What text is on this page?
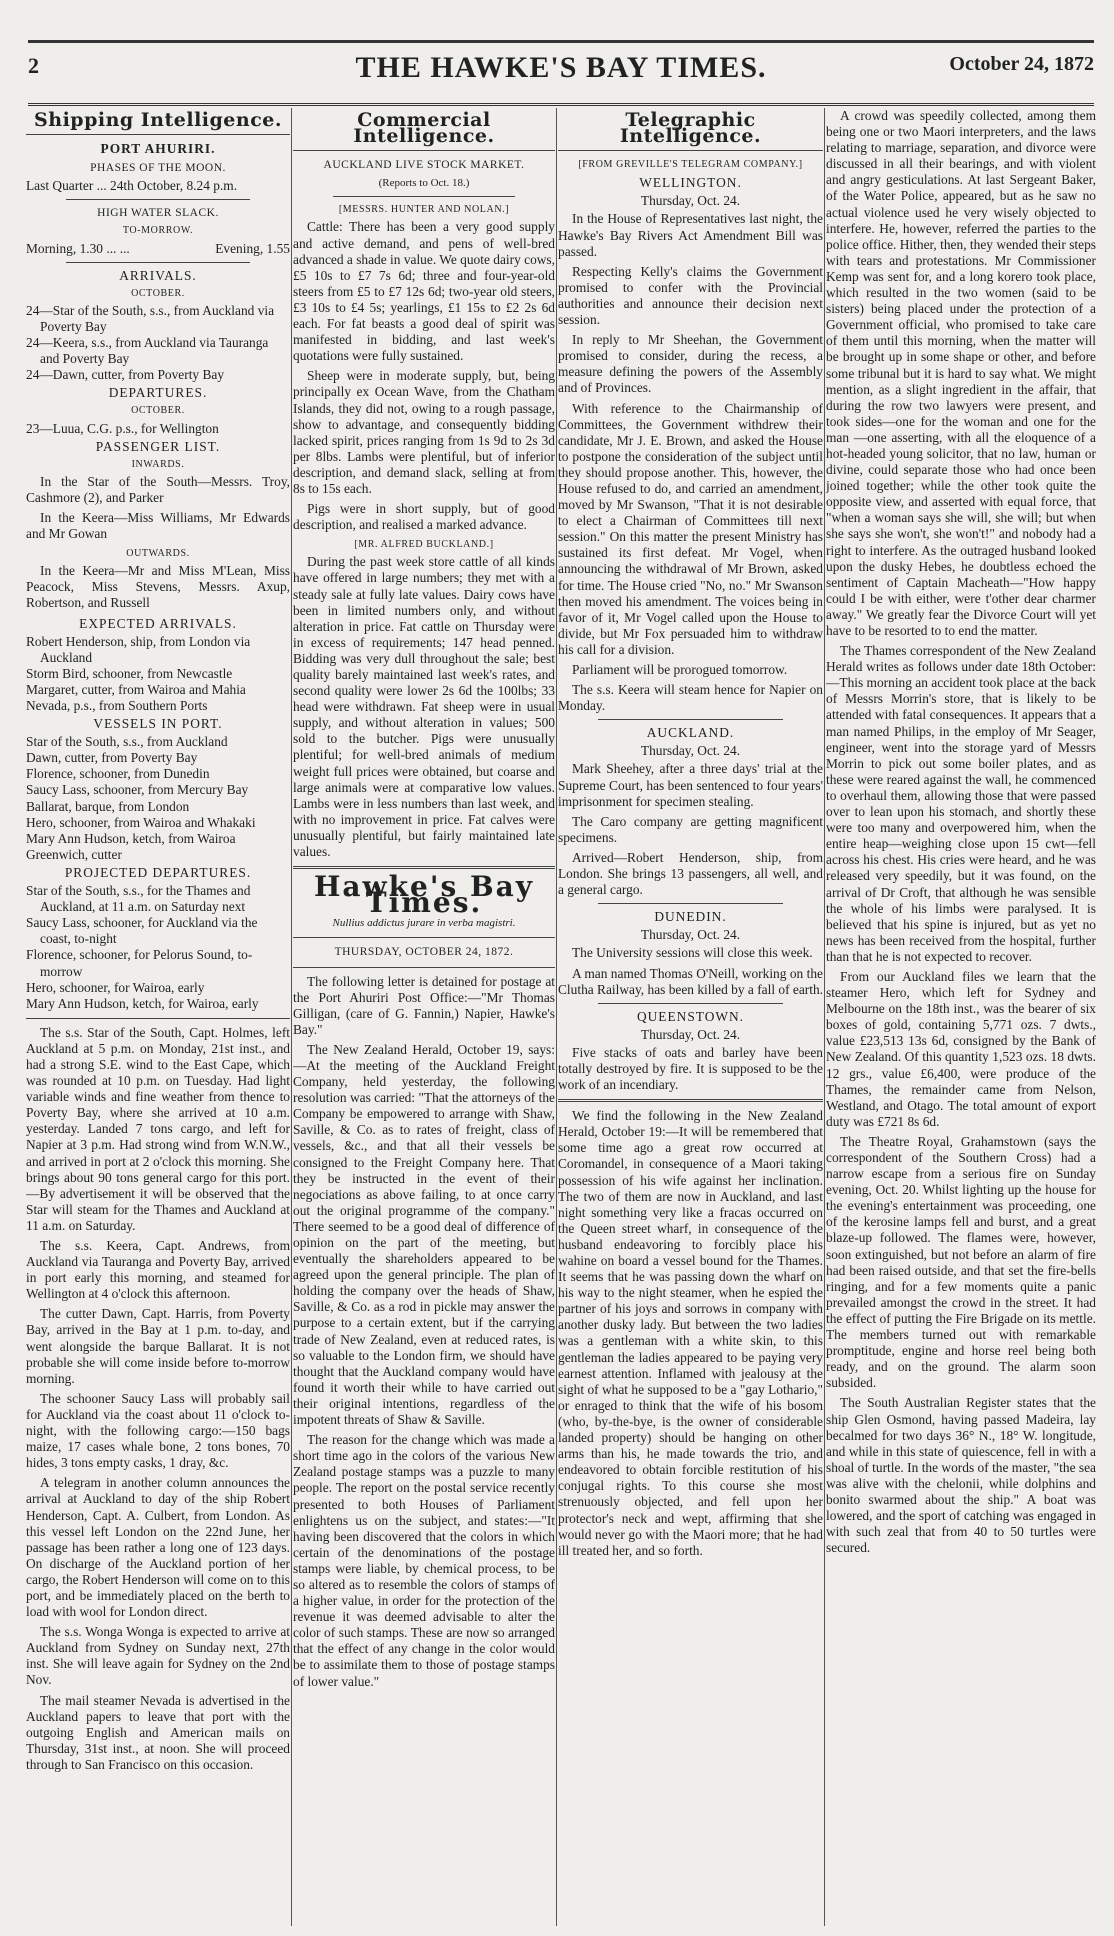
2	THE HAWKE'S BAY TIMES.	October 24, 1872
Shipping Intelligence.
PORT AHURIRI.
PHASES OF THE MOON.

Last Quarter ... 24th October, 8.24 p.m.

HIGH WATER SLACK.
TO-MORROW.
Morning, 1.30 ... ...	Evening, 1.55
ARRIVALS.
OCTOBER.

24—Star of the South, s.s., from Auckland via Poverty Bay

24—Keera, s.s., from Auckland via Tauranga and Poverty Bay

24—Dawn, cutter, from Poverty Bay

DEPARTURES.
OCTOBER.

23—Luua, C.G. p.s., for Wellington

PASSENGER LIST.
INWARDS.

In the Star of the South—Messrs. Troy, Cashmore (2), and Parker

In the Keera—Miss Williams, Mr Edwards and Mr Gowan

OUTWARDS.

In the Keera—Mr and Miss M'Lean, Miss Peacock, Miss Stevens, Messrs. Axup, Robertson, and Russell

EXPECTED ARRIVALS.

Robert Henderson, ship, from London via Auckland

Storm Bird, schooner, from Newcastle

Margaret, cutter, from Wairoa and Mahia

Nevada, p.s., from Southern Ports

VESSELS IN PORT.

Star of the South, s.s., from Auckland

Dawn, cutter, from Poverty Bay

Florence, schooner, from Dunedin

Saucy Lass, schooner, from Mercury Bay

Ballarat, barque, from London

Hero, schooner, from Wairoa and Whakaki

Mary Ann Hudson, ketch, from Wairoa

Greenwich, cutter

PROJECTED DEPARTURES.

Star of the South, s.s., for the Thames and Auckland, at 11 a.m. on Saturday next

Saucy Lass, schooner, for Auckland via the coast, to-night

Florence, schooner, for Pelorus Sound, to-morrow

Hero, schooner, for Wairoa, early

Mary Ann Hudson, ketch, for Wairoa, early

The s.s. Star of the South, Capt. Holmes, left Auckland at 5 p.m. on Monday, 21st inst., and had a strong S.E. wind to the East Cape, which was rounded at 10 p.m. on Tuesday. Had light variable winds and fine weather from thence to Poverty Bay, where she arrived at 10 a.m. yesterday. Landed 7 tons cargo, and left for Napier at 3 p.m. Had strong wind from W.N.W., and arrived in port at 2 o'clock this morning. She brings about 90 tons general cargo for this port.—By advertisement it will be observed that the Star will steam for the Thames and Auckland at 11 a.m. on Saturday.

The s.s. Keera, Capt. Andrews, from Auckland via Tauranga and Poverty Bay, arrived in port early this morning, and steamed for Wellington at 4 o'clock this afternoon.

The cutter Dawn, Capt. Harris, from Poverty Bay, arrived in the Bay at 1 p.m. to-day, and went alongside the barque Ballarat. It is not probable she will come inside before to-morrow morning.

The schooner Saucy Lass will probably sail for Auckland via the coast about 11 o'clock to-night, with the following cargo:—150 bags maize, 17 cases whale bone, 2 tons bones, 70 hides, 3 tons empty casks, 1 dray, &c.

A telegram in another column announces the arrival at Auckland to day of the ship Robert Henderson, Capt. A. Culbert, from London. As this vessel left London on the 22nd June, her passage has been rather a long one of 123 days. On discharge of the Auckland portion of her cargo, the Robert Henderson will come on to this port, and be immediately placed on the berth to load with wool for London direct.

The s.s. Wonga Wonga is expected to arrive at Auckland from Sydney on Sunday next, 27th inst. She will leave again for Sydney on the 2nd Nov.

The mail steamer Nevada is advertised in the Auckland papers to leave that port with the outgoing English and American mails on Thursday, 31st inst., at noon. She will proceed through to San Francisco on this occasion.

Commercial Intelligence.
AUCKLAND LIVE STOCK MARKET.
(Reports to Oct. 18.)
[MESSRS. HUNTER AND NOLAN.]

Cattle: There has been a very good supply and active demand, and pens of well-bred advanced a shade in value. We quote dairy cows, £5 10s to £7 7s 6d; three and four-year-old steers from £5 to £7 12s 6d; two-year old steers, £3 10s to £4 5s; yearlings, £1 15s to £2 2s 6d each. For fat beasts a good deal of spirit was manifested in bidding, and last week's quotations were fully sustained.

Sheep were in moderate supply, but, being principally ex Ocean Wave, from the Chatham Islands, they did not, owing to a rough passage, show to advantage, and consequently bidding lacked spirit, prices ranging from 1s 9d to 2s 3d per 8lbs. Lambs were plentiful, but of inferior description, and demand slack, selling at from 8s to 15s each.

Pigs were in short supply, but of good description, and realised a marked advance.

[MR. ALFRED BUCKLAND.]

During the past week store cattle of all kinds have offered in large numbers; they met with a steady sale at fully late values. Dairy cows have been in limited numbers only, and without alteration in price. Fat cattle on Thursday were in excess of requirements; 147 head penned. Bidding was very dull throughout the sale; best quality barely maintained last week's rates, and second quality were lower 2s 6d the 100lbs; 33 head were withdrawn. Fat sheep were in usual supply, and without alteration in values; 500 sold to the butcher. Pigs were unusually plentiful; for well-bred animals of medium weight full prices were obtained, but coarse and large animals were at comparative low values. Lambs were in less numbers than last week, and with no improvement in price. Fat calves were unusually plentiful, but fairly maintained late values.

Hawke's Bay Times.
Nullius addictus jurare in verba magistri.
THURSDAY, OCTOBER 24, 1872.

The following letter is detained for postage at the Port Ahuriri Post Office:—"Mr Thomas Gilligan, (care of G. Fannin,) Napier, Hawke's Bay."

The New Zealand Herald, October 19, says:—At the meeting of the Auckland Freight Company, held yesterday, the following resolution was carried: "That the attorneys of the Company be empowered to arrange with Shaw, Saville, & Co. as to rates of freight, class of vessels, &c., and that all their vessels be consigned to the Freight Company here. That they be instructed in the event of their negociations as above failing, to at once carry out the original programme of the company." There seemed to be a good deal of difference of opinion on the part of the meeting, but eventually the shareholders appeared to be agreed upon the general principle. The plan of holding the company over the heads of Shaw, Saville, & Co. as a rod in pickle may answer the purpose to a certain extent, but if the carrying trade of New Zealand, even at reduced rates, is so valuable to the London firm, we should have thought that the Auckland company would have found it worth their while to have carried out their original intentions, regardless of the impotent threats of Shaw & Saville.

The reason for the change which was made a short time ago in the colors of the various New Zealand postage stamps was a puzzle to many people. The report on the postal service recently presented to both Houses of Parliament enlightens us on the subject, and states:—"It having been discovered that the colors in which certain of the denominations of the postage stamps were liable, by chemical process, to be so altered as to resemble the colors of stamps of a higher value, in order for the protection of the revenue it was deemed advisable to alter the color of such stamps. These are now so arranged that the effect of any change in the color would be to assimilate them to those of postage stamps of lower value."

Telegraphic Intelligence.
[FROM GREVILLE'S TELEGRAM COMPANY.]
WELLINGTON.
Thursday, Oct. 24.

In the House of Representatives last night, the Hawke's Bay Rivers Act Amendment Bill was passed.

Respecting Kelly's claims the Government promised to confer with the Provincial authorities and announce their decision next session.

In reply to Mr Sheehan, the Government promised to consider, during the recess, a measure defining the powers of the Assembly and of Provinces.

With reference to the Chairmanship of Committees, the Government withdrew their candidate, Mr J. E. Brown, and asked the House to postpone the consideration of the subject until they should propose another. This, however, the House refused to do, and carried an amendment, moved by Mr Swanson, "That it is not desirable to elect a Chairman of Committees till next session." On this matter the present Ministry has sustained its first defeat. Mr Vogel, when announcing the withdrawal of Mr Brown, asked for time. The House cried "No, no." Mr Swanson then moved his amendment. The voices being in favor of it, Mr Vogel called upon the House to divide, but Mr Fox persuaded him to withdraw his call for a division.

Parliament will be prorogued tomorrow.

The s.s. Keera will steam hence for Napier on Monday.

AUCKLAND.
Thursday, Oct. 24.

Mark Sheehey, after a three days' trial at the Supreme Court, has been sentenced to four years' imprisonment for specimen stealing.

The Caro company are getting magnificent specimens.

Arrived—Robert Henderson, ship, from London. She brings 13 passengers, all well, and a general cargo.

DUNEDIN.
Thursday, Oct. 24.

The University sessions will close this week.

A man named Thomas O'Neill, working on the Clutha Railway, has been killed by a fall of earth.

QUEENSTOWN.
Thursday, Oct. 24.

Five stacks of oats and barley have been totally destroyed by fire. It is supposed to be the work of an incendiary.

We find the following in the New Zealand Herald, October 19:—It will be remembered that some time ago a great row occurred at Coromandel, in consequence of a Maori taking possession of his wife against her inclination. The two of them are now in Auckland, and last night something very like a fracas occurred on the Queen street wharf, in consequence of the husband endeavoring to forcibly place his wahine on board a vessel bound for the Thames. It seems that he was passing down the wharf on his way to the night steamer, when he espied the partner of his joys and sorrows in company with another dusky lady. But between the two ladies was a gentleman with a white skin, to this gentleman the ladies appeared to be paying very earnest attention. Inflamed with jealousy at the sight of what he supposed to be a "gay Lothario," or enraged to think that the wife of his bosom (who, by-the-bye, is the owner of considerable landed property) should be hanging on other arms than his, he made towards the trio, and endeavored to obtain forcible restitution of his conjugal rights. To this course she most strenuously objected, and fell upon her protector's neck and wept, affirming that she would never go with the Maori more; that he had ill treated her, and so forth.

A crowd was speedily collected, among them being one or two Maori interpreters, and the laws relating to marriage, separation, and divorce were discussed in all their bearings, and with violent and angry gesticulations. At last Sergeant Baker, of the Water Police, appeared, but as he saw no actual violence used he very wisely objected to interfere. He, however, referred the parties to the police office. Hither, then, they wended their steps with tears and protestations. Mr Commissioner Kemp was sent for, and a long korero took place, which resulted in the two women (said to be sisters) being placed under the protection of a Government official, who promised to take care of them until this morning, when the matter will be brought up in some shape or other, and before some tribunal but it is hard to say what. We might mention, as a slight ingredient in the affair, that during the row two lawyers were present, and took sides—one for the woman and one for the man —one asserting, with all the eloquence of a hot-headed young solicitor, that no law, human or divine, could separate those who had once been joined together; while the other took quite the opposite view, and asserted with equal force, that "when a woman says she will, she will; but when she says she won't, she won't!" and nobody had a right to interfere. As the outraged husband looked upon the dusky Hebes, he doubtless echoed the sentiment of Captain Macheath—"How happy could I be with either, were t'other dear charmer away." We greatly fear the Divorce Court will yet have to be resorted to to end the matter.

The Thames correspondent of the New Zealand Herald writes as follows under date 18th October:—This morning an accident took place at the back of Messrs Morrin's store, that is likely to be attended with fatal consequences. It appears that a man named Philips, in the employ of Mr Seager, engineer, went into the storage yard of Messrs Morrin to pick out some boiler plates, and as these were reared against the wall, he commenced to overhaul them, allowing those that were passed over to lean upon his stomach, and shortly these were too many and overpowered him, when the entire heap—weighing close upon 15 cwt—fell across his chest. His cries were heard, and he was released very speedily, but it was found, on the arrival of Dr Croft, that although he was sensible the whole of his limbs were paralysed. It is believed that his spine is injured, but as yet no news has been received from the hospital, further than that he is not expected to recover.

From our Auckland files we learn that the steamer Hero, which left for Sydney and Melbourne on the 18th inst., was the bearer of six boxes of gold, containing 5,771 ozs. 7 dwts., value £23,513 13s 6d, consigned by the Bank of New Zealand. Of this quantity 1,523 ozs. 18 dwts. 12 grs., value £6,400, were produce of the Thames, the remainder came from Nelson, Westland, and Otago. The total amount of export duty was £721 8s 6d.

The Theatre Royal, Grahamstown (says the correspondent of the Southern Cross) had a narrow escape from a serious fire on Sunday evening, Oct. 20. Whilst lighting up the house for the evening's entertainment was proceeding, one of the kerosine lamps fell and burst, and a great blaze-up followed. The flames were, however, soon extinguished, but not before an alarm of fire had been raised outside, and that set the fire-bells ringing, and for a few moments quite a panic prevailed amongst the crowd in the street. It had the effect of putting the Fire Brigade on its mettle. The members turned out with remarkable promptitude, engine and horse reel being both ready, and on the ground. The alarm soon subsided.

The South Australian Register states that the ship Glen Osmond, having passed Madeira, lay becalmed for two days 36° N., 18° W. longitude, and while in this state of quiescence, fell in with a shoal of turtle. In the words of the master, "the sea was alive with the chelonii, while dolphins and bonito swarmed about the ship." A boat was lowered, and the sport of catching was engaged in with such zeal that from 40 to 50 turtles were secured.
